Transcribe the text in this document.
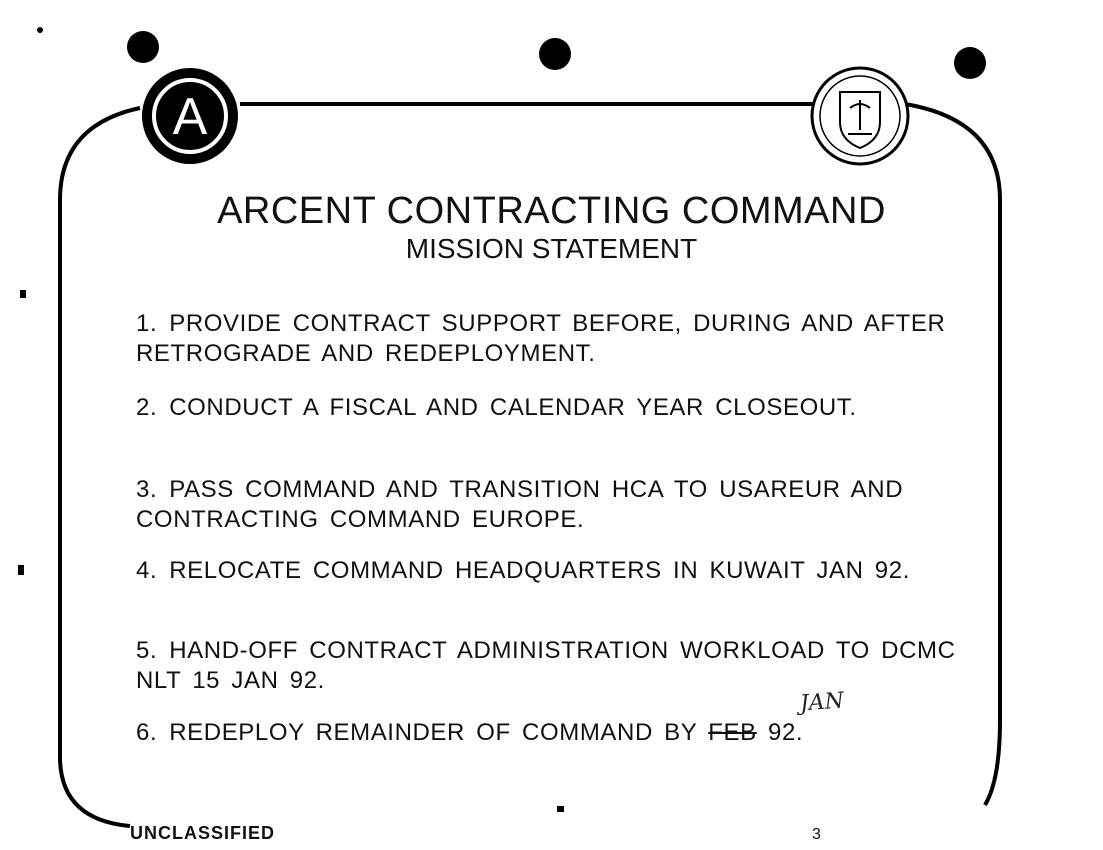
A
ARCENT CONTRACTING COMMAND
MISSION STATEMENT
1. PROVIDE CONTRACT SUPPORT BEFORE, DURING AND AFTER RETROGRADE AND REDEPLOYMENT.
2. CONDUCT A FISCAL AND CALENDAR YEAR CLOSEOUT.
3. PASS COMMAND AND TRANSITION HCA TO USAREUR AND CONTRACTING COMMAND EUROPE.
4. RELOCATE COMMAND HEADQUARTERS IN KUWAIT JAN 92.
5. HAND-OFF CONTRACT ADMINISTRATION WORKLOAD TO DCMC NLT 15 JAN 92.
6. REDEPLOY REMAINDER OF COMMAND BY FEB 92.
JAN
UNCLASSIFIED	3
